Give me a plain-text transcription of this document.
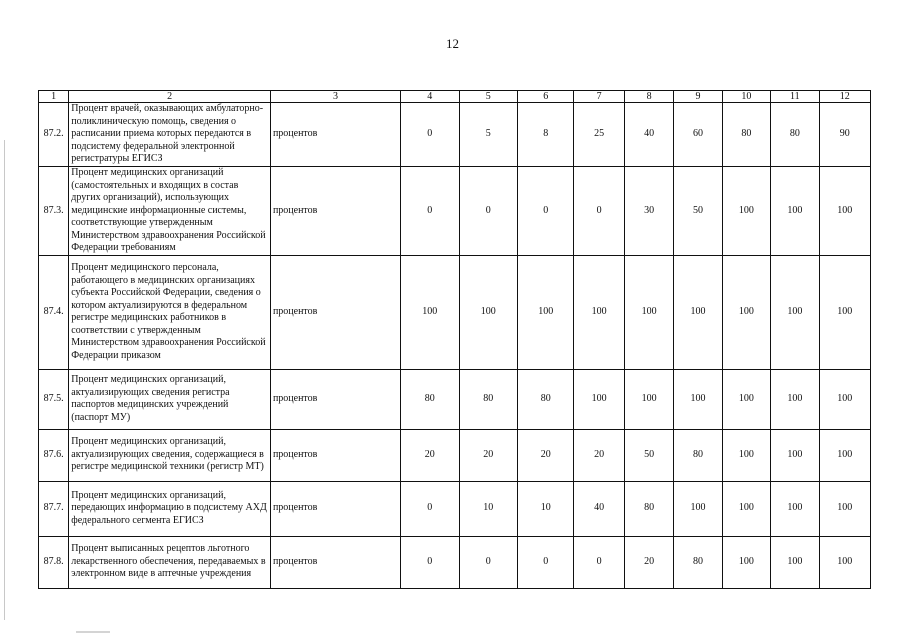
12
1	2	3	4	5	6	7	8	9	10	11	12
87.2.	Процент врачей, оказывающих амбулаторно-поликлиническую помощь, сведения о расписании приема которых передаются в подсистему федеральной электронной регистратуры ЕГИСЗ	процентов	0	5	8	25	40	60	80	80	90
87.3.	Процент медицинских организаций (самостоятельных и входящих в состав других организаций), использующих медицинские информационные системы, соответствующие утвержденным Министерством здравоохранения Российской Федерации требованиям	процентов	0	0	0	0	30	50	100	100	100
87.4.	Процент медицинского персонала, работающего в медицинских организациях субъекта Российской Федерации, сведения о котором актуализируются в федеральном регистре медицинских работников в соответствии с утвержденным Министерством здравоохранения Российской Федерации приказом	процентов	100	100	100	100	100	100	100	100	100
87.5.	Процент медицинских организаций, актуализирующих сведения регистра паспортов медицинских учреждений (паспорт МУ)	процентов	80	80	80	100	100	100	100	100	100
87.6.	Процент медицинских организаций, актуализирующих сведения, содержащиеся в регистре медицинской техники (регистр МТ)	процентов	20	20	20	20	50	80	100	100	100
87.7.	Процент медицинских организаций, передающих информацию в подсистему АХД федерального сегмента ЕГИСЗ	процентов	0	10	10	40	80	100	100	100	100
87.8.	Процент выписанных рецептов льготного лекарственного обеспечения, передаваемых в электронном виде в аптечные учреждения	процентов	0	0	0	0	20	80	100	100	100
